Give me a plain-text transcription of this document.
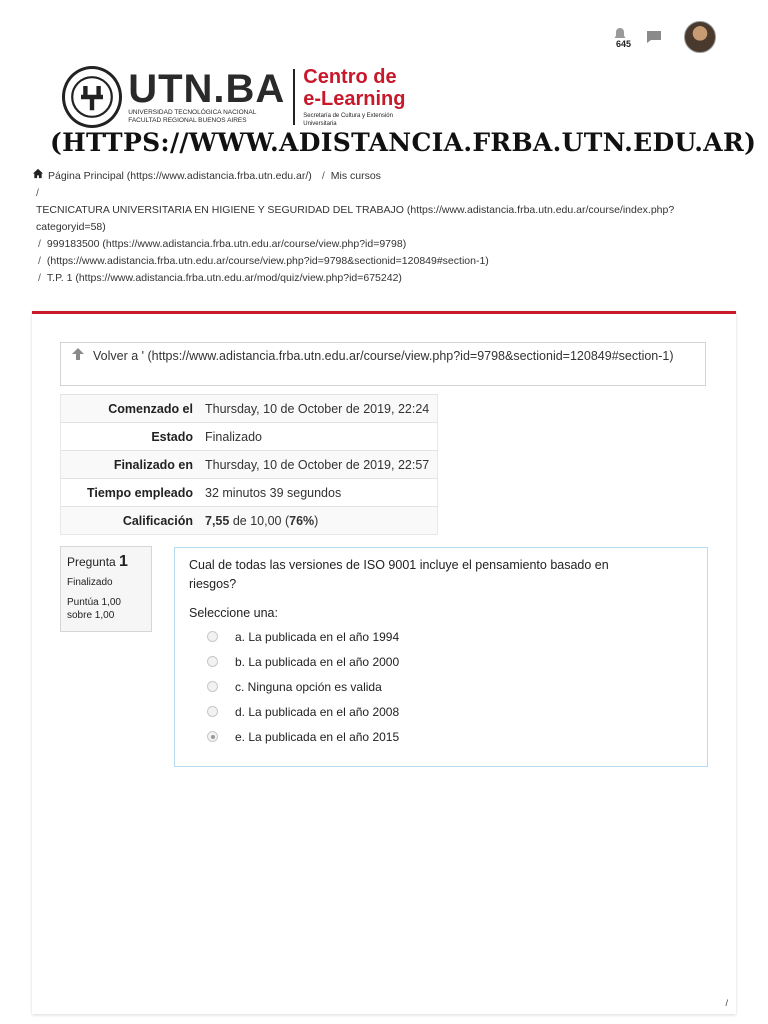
645
UTN.BA
UNIVERSIDAD TECNOLÓGICA NACIONAL
FACULTAD REGIONAL BUENOS AIRES
Centro de
e-Learning
Secretaría de Cultura y Extensión Universitaria
(HTTPS://WWW.ADISTANCIA.FRBA.UTN.EDU.AR)
Página Principal (https://www.adistancia.frba.utn.edu.ar/) / Mis cursos
/
TECNICATURA UNIVERSITARIA EN HIGIENE Y SEGURIDAD DEL TRABAJO (https://www.adistancia.frba.utn.edu.ar/course/index.php?categoryid=58)
/ 999183500 (https://www.adistancia.frba.utn.edu.ar/course/view.php?id=9798)
/ (https://www.adistancia.frba.utn.edu.ar/course/view.php?id=9798&sectionid=120849#section-1)
/ T.P. 1 (https://www.adistancia.frba.utn.edu.ar/mod/quiz/view.php?id=675242)
Volver a ' (https://www.adistancia.frba.utn.edu.ar/course/view.php?id=9798&sectionid=120849#section-1)
Comenzado el	Thursday, 10 de October de 2019, 22:24
Estado	Finalizado
Finalizado en	Thursday, 10 de October de 2019, 22:57
Tiempo empleado	32 minutos 39 segundos
Calificación	7,55 de 10,00 (76%)
Pregunta 1
Finalizado
Puntúa 1,00 sobre 1,00
Cual de todas las versiones de ISO 9001 incluye el pensamiento basado en riesgos?
Seleccione una:
a. La publicada en el año 1994
b. La publicada en el año 2000
c. Ninguna opción es valida
d. La publicada en el año 2008
e. La publicada en el año 2015
/
